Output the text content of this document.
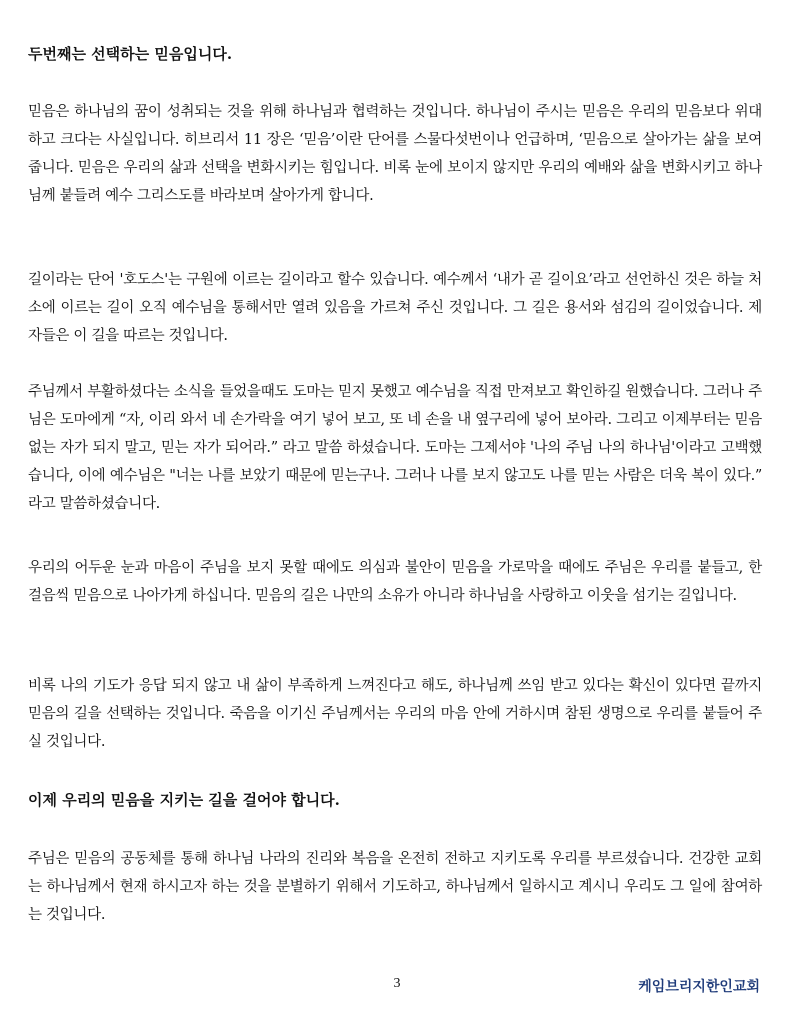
두번째는 선택하는 믿음입니다.

믿음은 하나님의 꿈이 성취되는 것을 위해 하나님과 협력하는 것입니다. 하나님이 주시는 믿음은 우리의 믿음보다 위대하고 크다는 사실입니다. 히브리서 11 장은 ‘믿음’이란 단어를 스물다섯번이나 언급하며, ‘믿음으로 살아가는 삶을 보여줍니다. 믿음은 우리의 삶과 선택을 변화시키는 힘입니다. 비록 눈에 보이지 않지만 우리의 예배와 삶을 변화시키고 하나님께 붙들려 예수 그리스도를 바라보며 살아가게 합니다.

길이라는 단어 '호도스'는 구원에 이르는 길이라고 할수 있습니다. 예수께서 ‘내가 곧 길이요’라고 선언하신 것은 하늘 처소에 이르는 길이 오직 예수님을 통해서만 열려 있음을 가르쳐 주신 것입니다. 그 길은 용서와 섬김의 길이었습니다. 제자들은 이 길을 따르는 것입니다.

주님께서 부활하셨다는 소식을 들었을때도 도마는 믿지 못했고 예수님을 직접 만져보고 확인하길 원했습니다. 그러나 주님은 도마에게 “자, 이리 와서 네 손가락을 여기 넣어 보고, 또 네 손을 내 옆구리에 넣어 보아라. 그리고 이제부터는 믿음 없는 자가 되지 말고, 믿는 자가 되어라.” 라고 말씀 하셨습니다. 도마는 그제서야 '나의 주님 나의 하나님'이라고 고백했습니다, 이에 예수님은 "너는 나를 보았기 때문에 믿는구나. 그러나 나를 보지 않고도 나를 믿는 사람은 더욱 복이 있다.” 라고 말씀하셨습니다.

우리의 어두운 눈과 마음이 주님을 보지 못할 때에도 의심과 불안이 믿음을 가로막을 때에도 주님은 우리를 붙들고, 한 걸음씩 믿음으로 나아가게 하십니다. 믿음의 길은 나만의 소유가 아니라 하나님을 사랑하고 이웃을 섬기는 길입니다.

비록 나의 기도가 응답 되지 않고 내 삶이 부족하게 느껴진다고 해도, 하나님께 쓰임 받고 있다는 확신이 있다면 끝까지 믿음의 길을 선택하는 것입니다. 죽음을 이기신 주님께서는 우리의 마음 안에 거하시며 참된 생명으로 우리를 붙들어 주실 것입니다.

이제 우리의 믿음을 지키는 길을 걸어야 합니다.

주님은 믿음의 공동체를 통해 하나님 나라의 진리와 복음을 온전히 전하고 지키도록 우리를 부르셨습니다. 건강한 교회는 하나님께서 현재 하시고자 하는 것을 분별하기 위해서 기도하고, 하나님께서 일하시고 계시니 우리도 그 일에 참여하는 것입니다.

3	케임브리지한인교회
